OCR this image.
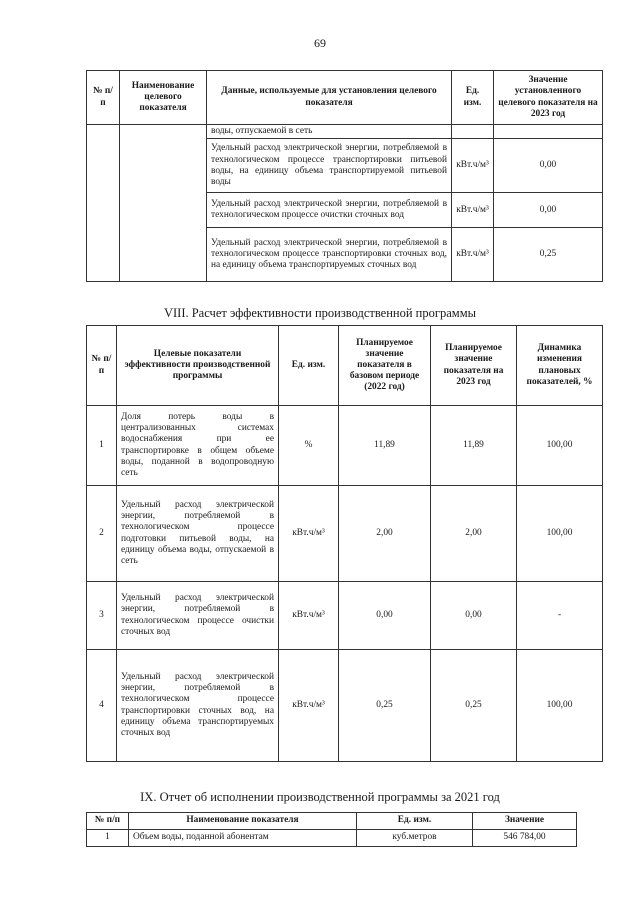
69
№ п/п	Наименование целевого показателя	Данные, используемые для установления целевого показателя	Ед. изм.	Значение установленного целевого показателя на 2023 год
		воды, отпускаемой в сеть		
		Удельный расход электрической энергии, потребляемой в технологическом процессе транспортировки питьевой воды, на единицу объема транспортируемой питьевой воды	кВт.ч/м³	0,00
		Удельный расход электрической энергии, потребляемой в технологическом процессе очистки сточных вод	кВт.ч/м³	0,00
		Удельный расход электрической энергии, потребляемой в технологическом процессе транспортировки сточных вод, на единицу объема транспортируемых сточных вод	кВт.ч/м³	0,25
VIII. Расчет эффективности производственной программы
№ п/п	Целевые показатели эффективности производственной программы	Ед. изм.	Планируемое значение показателя в базовом периоде (2022 год)	Планируемое значение показателя на 2023 год	Динамика изменения плановых показателей, %
1	Доля потерь воды в централизованных системах водоснабжения при ее транспортировке в общем объеме воды, поданной в водопроводную сеть	%	11,89	11,89	100,00
2	Удельный расход электрической энергии, потребляемой в технологическом процессе подготовки питьевой воды, на единицу объема воды, отпускаемой в сеть	кВт.ч/м³	2,00	2,00	100,00
3	Удельный расход электрической энергии, потребляемой в технологическом процессе очистки сточных вод	кВт.ч/м³	0,00	0,00	-
4	Удельный расход электрической энергии, потребляемой в технологическом процессе транспортировки сточных вод, на единицу объема транспортируемых сточных вод	кВт.ч/м³	0,25	0,25	100,00
IX. Отчет об исполнении производственной программы за 2021 год
№ п/п	Наименование показателя	Ед. изм.	Значение
1	Объем воды, поданной абонентам	куб.метров	546 784,00
